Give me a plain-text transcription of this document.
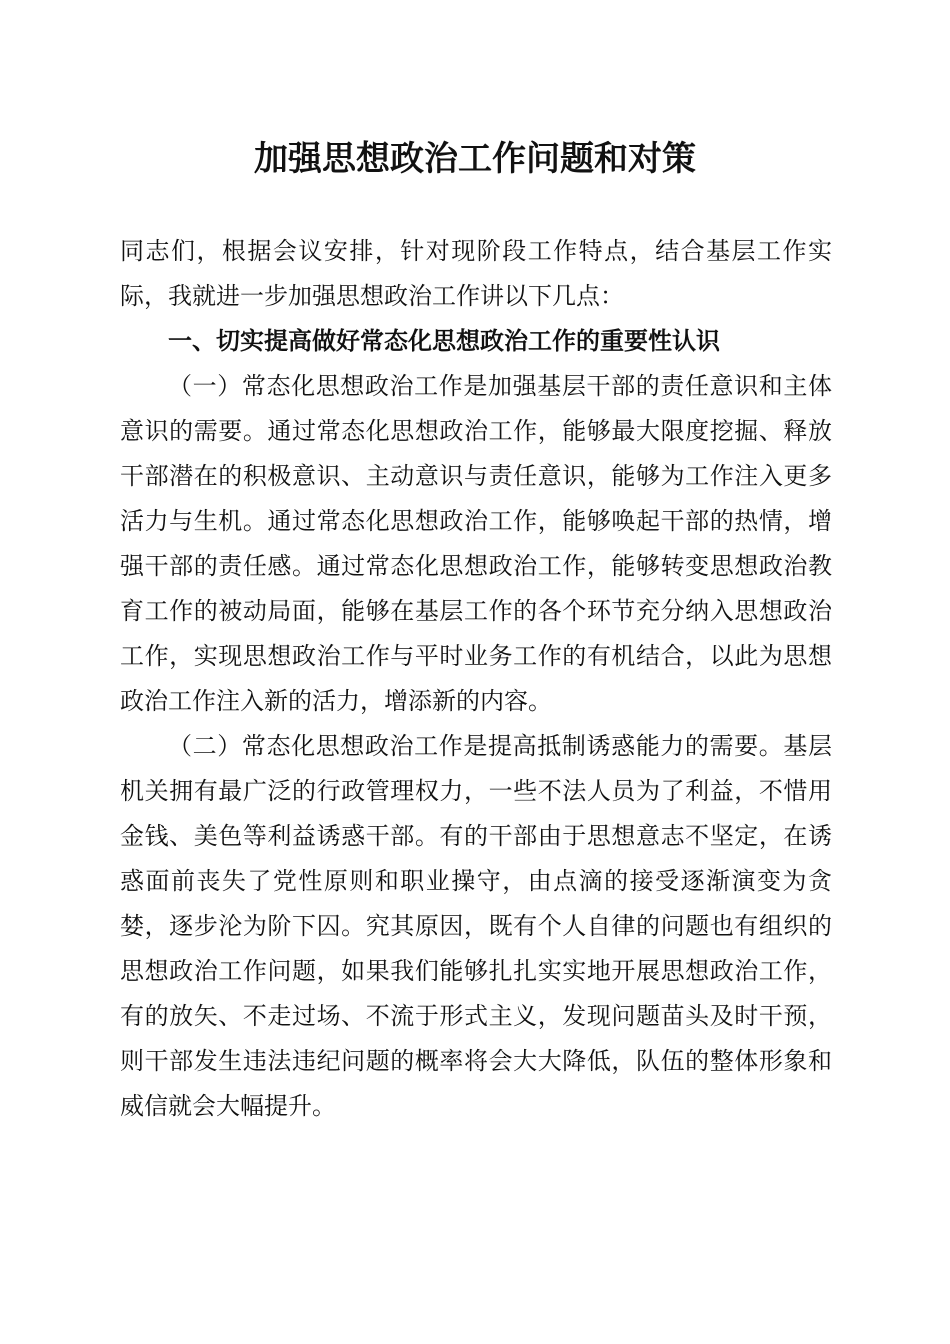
加强思想政治工作问题和对策

同志们，根据会议安排，针对现阶段工作特点，结合基层工作实际，我就进一步加强思想政治工作讲以下几点：

一、切实提高做好常态化思想政治工作的重要性认识

（一）常态化思想政治工作是加强基层干部的责任意识和主体意识的需要。通过常态化思想政治工作，能够最大限度挖掘、释放干部潜在的积极意识、主动意识与责任意识，能够为工作注入更多活力与生机。通过常态化思想政治工作，能够唤起干部的热情，增强干部的责任感。通过常态化思想政治工作，能够转变思想政治教育工作的被动局面，能够在基层工作的各个环节充分纳入思想政治工作，实现思想政治工作与平时业务工作的有机结合，以此为思想政治工作注入新的活力，增添新的内容。

（二）常态化思想政治工作是提高抵制诱惑能力的需要。基层机关拥有最广泛的行政管理权力，一些不法人员为了利益，不惜用金钱、美色等利益诱惑干部。有的干部由于思想意志不坚定，在诱惑面前丧失了党性原则和职业操守，由点滴的接受逐渐演变为贪婪，逐步沦为阶下囚。究其原因，既有个人自律的问题也有组织的思想政治工作问题，如果我们能够扎扎实实地开展思想政治工作，有的放矢、不走过场、不流于形式主义，发现问题苗头及时干预，则干部发生违法违纪问题的概率将会大大降低，队伍的整体形象和威信就会大幅提升。
